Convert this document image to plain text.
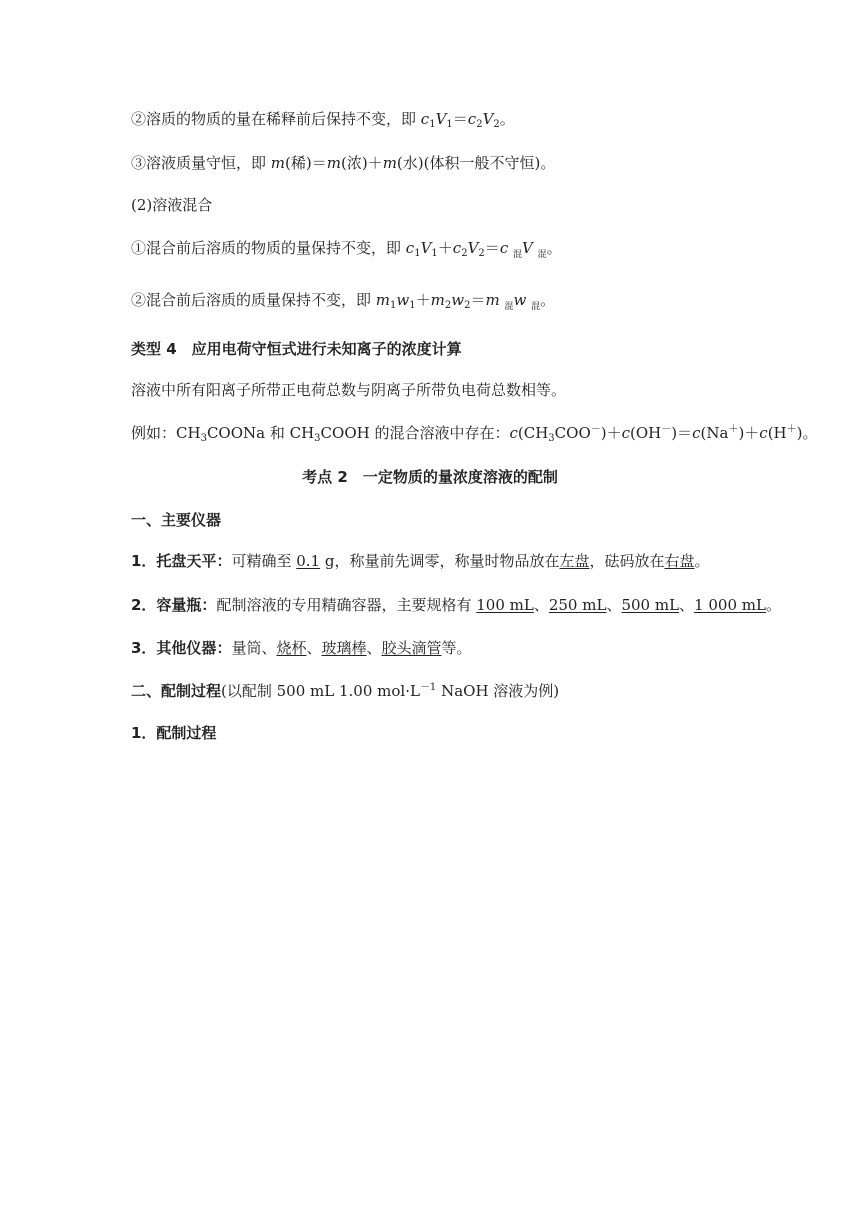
②溶质的物质的量在稀释前后保持不变，即 $c_1V_1=c_2V_2$。
③溶液质量守恒，即 m(稀)＝m(浓)＋m(水)(体积一般不守恒)。
(2)溶液混合
①混合前后溶质的物质的量保持不变，即 $c_1V_1+c_2V_2=c$ $_混$V $_混$。
②混合前后溶质的质量保持不变，即 $m_1w_1+m_2w_2=m$ $_混$w $_混$。
类型 4　应用电荷守恒式进行未知离子的浓度计算
溶液中所有阳离子所带正电荷总数与阴离子所带负电荷总数相等。
例如：$CH_3COONa$ 和 $CH_3COOH$ 的混合溶液中存在：$c(CH_3COO^-)+c(OH^-)=c(Na^+)+c(H^+)$。
考点 2　一定物质的量浓度溶液的配制
一、主要仪器
1．托盘天平：可精确至 0.1 g，称量前先调零，称量时物品放在左盘，砝码放在右盘。
2．容量瓶：配制溶液的专用精确容器，主要规格有 100 mL、250 mL、500 mL、1 000 mL。
3．其他仪器：量筒、烧杯、玻璃棒、胶头滴管等。
二、配制过程(以配制 500 mL 1.00 $mol\cdot L^{-1}$ NaOH 溶液为例)
1．配制过程
